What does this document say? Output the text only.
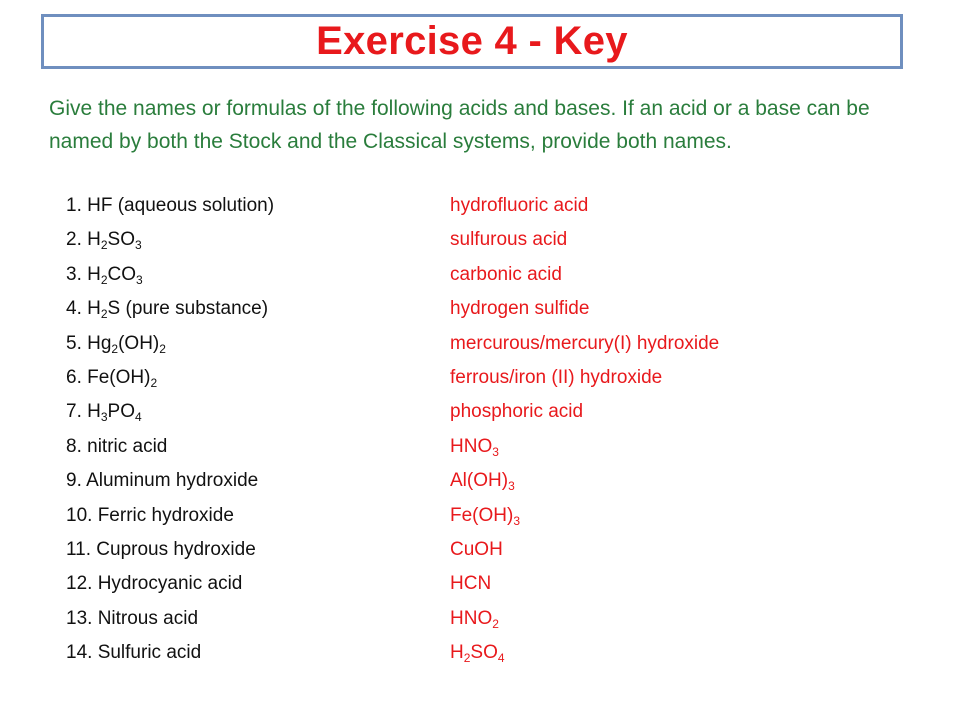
Exercise 4 - Key

Give the names or formulas of the following acids and bases. If an acid or a base can be named by both the Stock and the Classical systems, provide both names.

1. HF (aqueous solution)	hydrofluoric acid
2. $H_2SO_3$	sulfurous acid
3. $H_2CO_3$	carbonic acid
4. $H_2S$ (pure substance)	hydrogen sulfide
5. $Hg_2(OH)_2$	mercurous/mercury(I) hydroxide
6. $Fe(OH)_2$	ferrous/iron (II) hydroxide
7. $H_3PO_4$	phosphoric acid
8. nitric acid	$HNO_3$
9. Aluminum hydroxide	$Al(OH)_3$
10. Ferric hydroxide	$Fe(OH)_3$
11. Cuprous hydroxide	CuOH
12. Hydrocyanic acid	HCN
13. Nitrous acid	$HNO_2$
14. Sulfuric acid	$H_2SO_4$
